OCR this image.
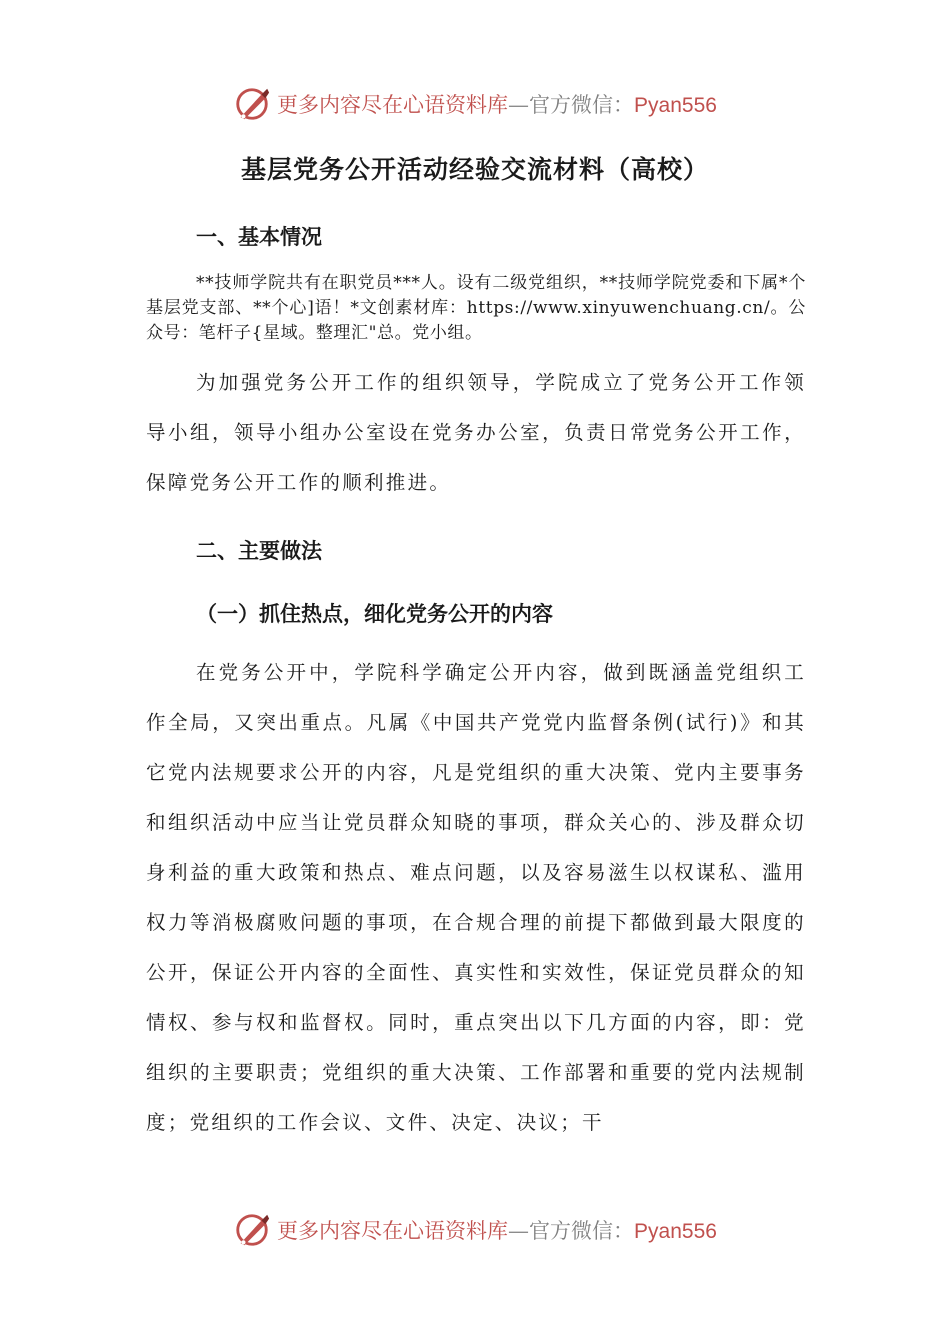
更多内容尽在心语资料库—官方微信：Pyan556
基层党务公开活动经验交流材料（高校）
一、基本情况

**技师学院共有在职党员***人。设有二级党组织，**技师学院党委和下属*个基层党支部、**个心]语！*文创素材库：https://www.xinyuwenchuang.cn/。公众号：笔杆子{星域。整理汇"总。党小组。

为加强党务公开工作的组织领导，学院成立了党务公开工作领导小组，领导小组办公室设在党务办公室，负责日常党务公开工作，保障党务公开工作的顺利推进。

二、主要做法
（一）抓住热点，细化党务公开的内容

在党务公开中，学院科学确定公开内容，做到既涵盖党组织工作全局，又突出重点。凡属《中国共产党党内监督条例(试行)》和其它党内法规要求公开的内容，凡是党组织的重大决策、党内主要事务和组织活动中应当让党员群众知晓的事项，群众关心的、涉及群众切身利益的重大政策和热点、难点问题，以及容易滋生以权谋私、滥用权力等消极腐败问题的事项，在合规合理的前提下都做到最大限度的公开，保证公开内容的全面性、真实性和实效性，保证党员群众的知情权、参与权和监督权。同时，重点突出以下几方面的内容，即：党组织的主要职责；党组织的重大决策、工作部署和重要的党内法规制度；党组织的工作会议、文件、决定、决议；干

更多内容尽在心语资料库—官方微信：Pyan556
